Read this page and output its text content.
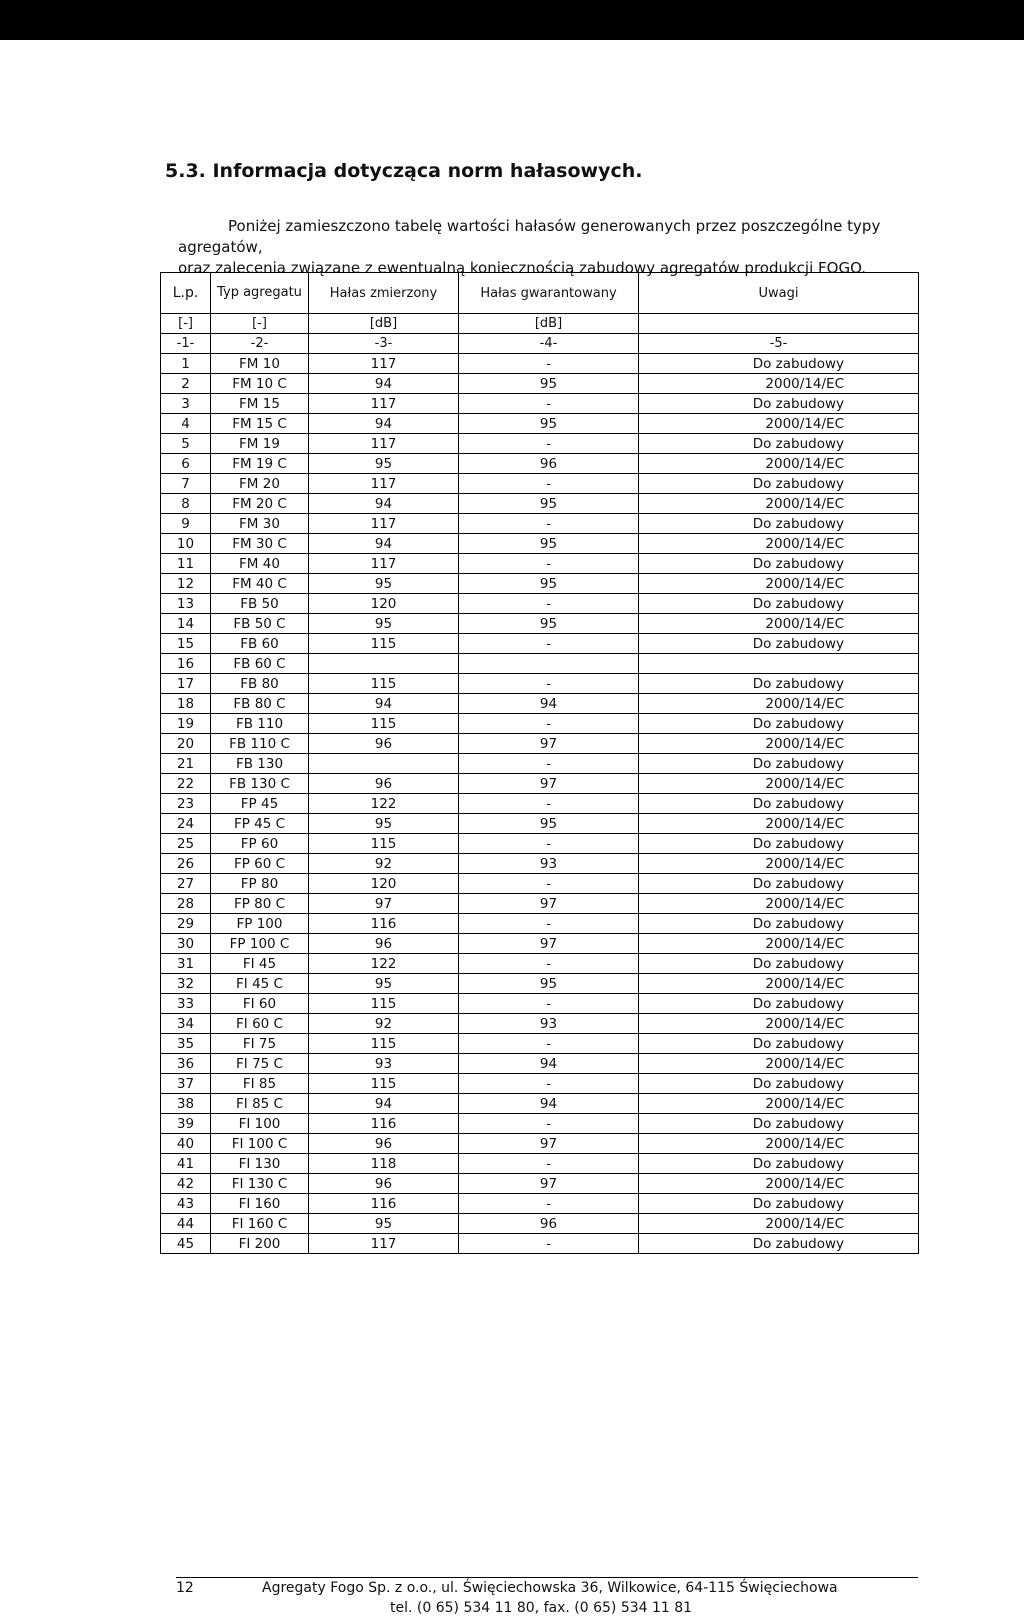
5.3. Informacja dotycząca norm hałasowych.

Poniżej zamieszczono tabelę wartości hałasów generowanych przez poszczególne typy agregatów,
oraz zalecenia związane z ewentualną koniecznością zabudowy agregatów produkcji FOGO.

L.p.	Typ agregatu	Hałas zmierzony	Hałas gwarantowany	Uwagi
[-]	[-]	[dB]	[dB]	
-1-	-2-	-3-	-4-	-5-
1	FM 10	117	-	Do zabudowy
2	FM 10 C	94	95	2000/14/EC
3	FM 15	117	-	Do zabudowy
4	FM 15 C	94	95	2000/14/EC
5	FM 19	117	-	Do zabudowy
6	FM 19 C	95	96	2000/14/EC
7	FM 20	117	-	Do zabudowy
8	FM 20 C	94	95	2000/14/EC
9	FM 30	117	-	Do zabudowy
10	FM 30 C	94	95	2000/14/EC
11	FM 40	117	-	Do zabudowy
12	FM 40 C	95	95	2000/14/EC
13	FB 50	120	-	Do zabudowy
14	FB 50 C	95	95	2000/14/EC
15	FB 60	115	-	Do zabudowy
16	FB 60 C			
17	FB 80	115	-	Do zabudowy
18	FB 80 C	94	94	2000/14/EC
19	FB 110	115	-	Do zabudowy
20	FB 110 C	96	97	2000/14/EC
21	FB 130		-	Do zabudowy
22	FB 130 C	96	97	2000/14/EC
23	FP 45	122	-	Do zabudowy
24	FP 45 C	95	95	2000/14/EC
25	FP 60	115	-	Do zabudowy
26	FP 60 C	92	93	2000/14/EC
27	FP 80	120	-	Do zabudowy
28	FP 80 C	97	97	2000/14/EC
29	FP 100	116	-	Do zabudowy
30	FP 100 C	96	97	2000/14/EC
31	FI 45	122	-	Do zabudowy
32	FI 45 C	95	95	2000/14/EC
33	FI 60	115	-	Do zabudowy
34	FI 60 C	92	93	2000/14/EC
35	FI 75	115	-	Do zabudowy
36	FI 75 C	93	94	2000/14/EC
37	FI 85	115	-	Do zabudowy
38	FI 85 C	94	94	2000/14/EC
39	FI 100	116	-	Do zabudowy
40	FI 100 C	96	97	2000/14/EC
41	FI 130	118	-	Do zabudowy
42	FI 130 C	96	97	2000/14/EC
43	FI 160	116	-	Do zabudowy
44	FI 160 C	95	96	2000/14/EC
45	FI 200	117	-	Do zabudowy
12	Agregaty Fogo Sp. z o.o., ul. Święciechowska 36, Wilkowice, 64-115 Święciechowa
tel. (0 65) 534 11 80, fax. (0 65) 534 11 81
